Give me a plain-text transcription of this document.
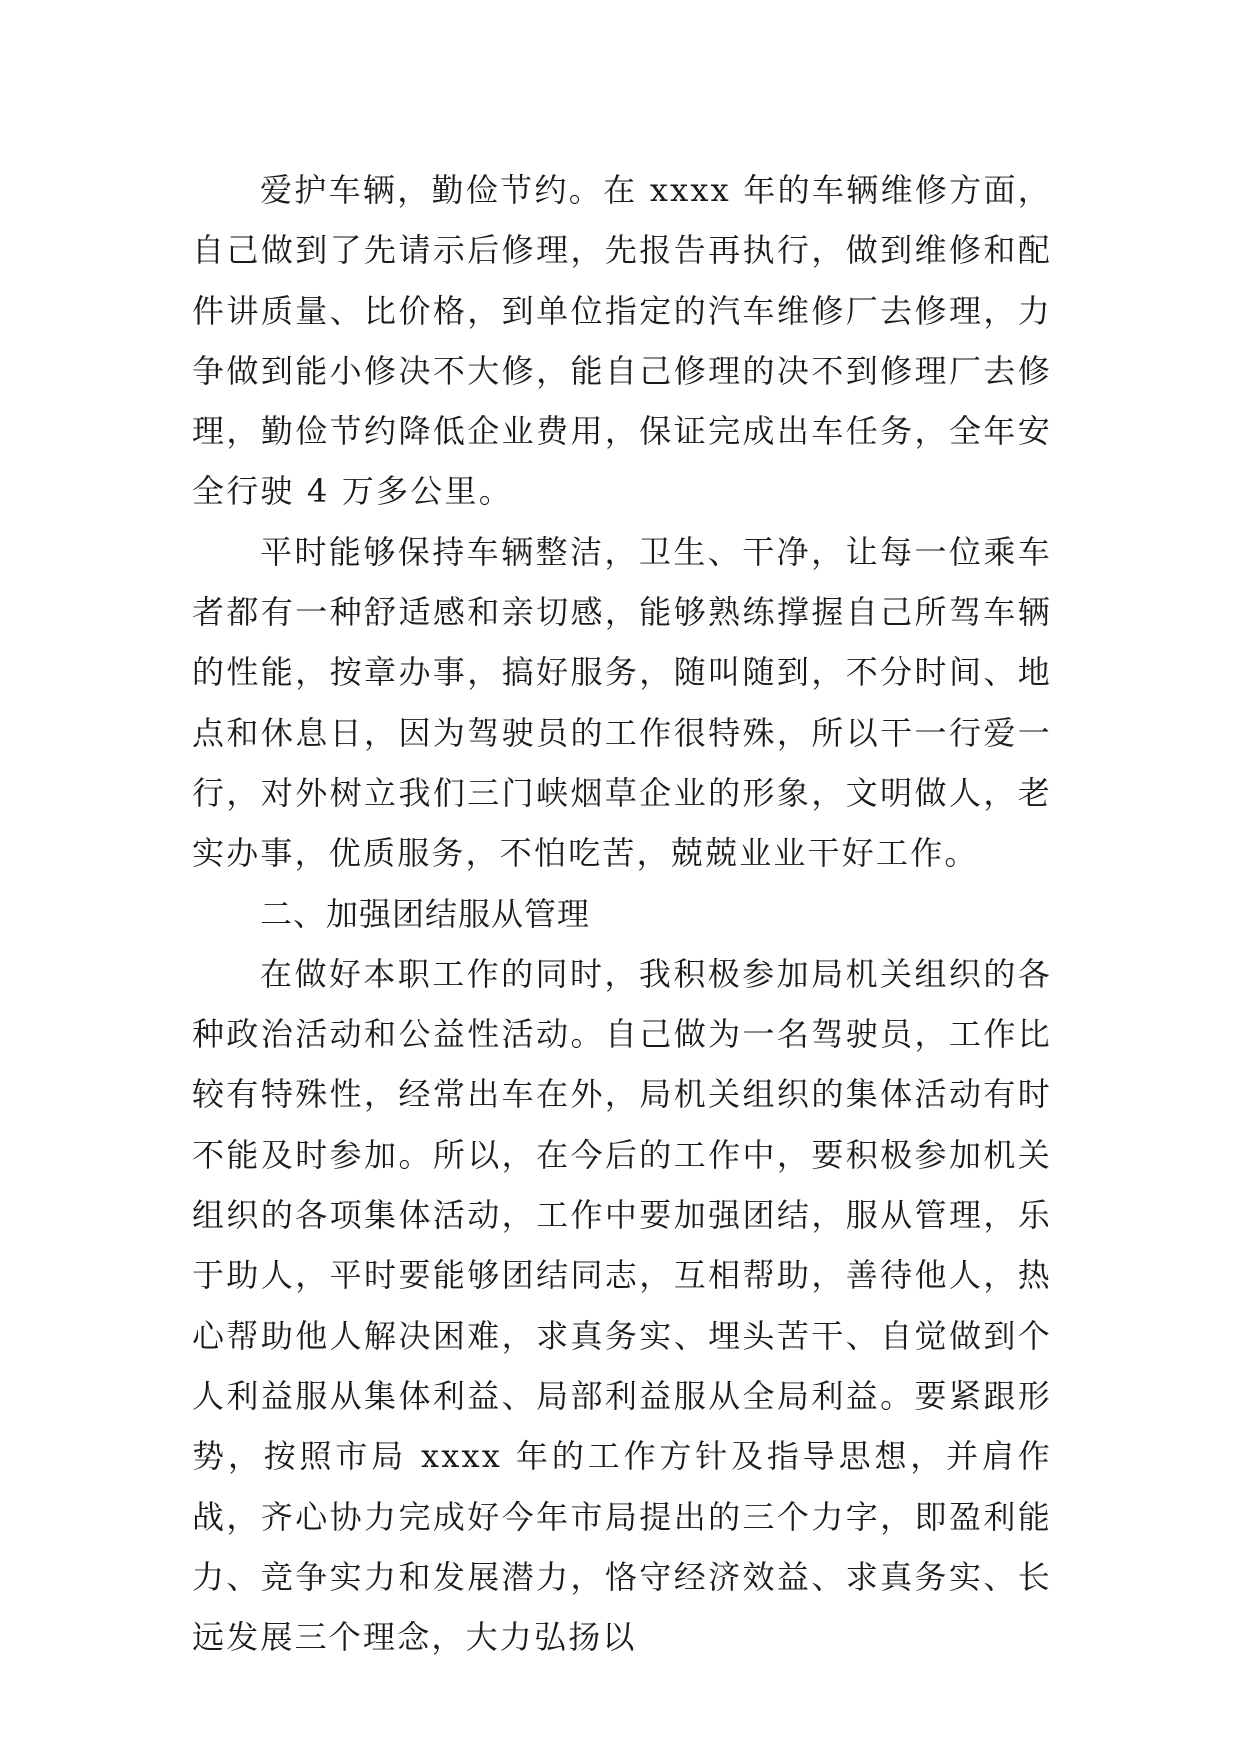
爱护车辆，勤俭节约。在 xxxx 年的车辆维修方面，自己做到了先请示后修理，先报告再执行，做到维修和配件讲质量、比价格，到单位指定的汽车维修厂去修理，力争做到能小修决不大修，能自己修理的决不到修理厂去修理，勤俭节约降低企业费用，保证完成出车任务，全年安全行驶 4 万多公里。

平时能够保持车辆整洁，卫生、干净，让每一位乘车者都有一种舒适感和亲切感，能够熟练撑握自己所驾车辆的性能，按章办事，搞好服务，随叫随到，不分时间、地点和休息日，因为驾驶员的工作很特殊，所以干一行爱一行，对外树立我们三门峡烟草企业的形象，文明做人，老实办事，优质服务，不怕吃苦，兢兢业业干好工作。

二、加强团结服从管理

在做好本职工作的同时，我积极参加局机关组织的各种政治活动和公益性活动。自己做为一名驾驶员，工作比较有特殊性，经常出车在外，局机关组织的集体活动有时不能及时参加。所以，在今后的工作中，要积极参加机关组织的各项集体活动，工作中要加强团结，服从管理，乐于助人，平时要能够团结同志，互相帮助，善待他人，热心帮助他人解决困难，求真务实、埋头苦干、自觉做到个人利益服从集体利益、局部利益服从全局利益。要紧跟形势，按照市局 xxxx 年的工作方针及指导思想，并肩作战，齐心协力完成好今年市局提出的三个力字，即盈利能力、竞争实力和发展潜力，恪守经济效益、求真务实、长远发展三个理念，大力弘扬以
